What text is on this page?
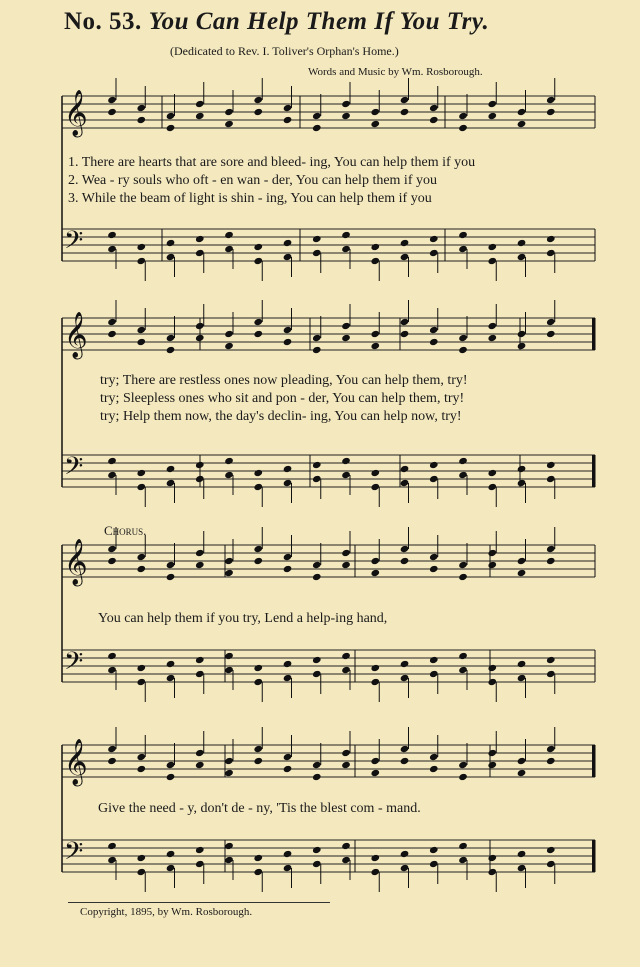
No. 53. You Can Help Them If You Try.
(Dedicated to Rev. I. Toliver's Orphan's Home.)
Words and Music by Wm. Rosborough.
𝄞
𝄢
𝄞
𝄢
𝄞
𝄢
𝄞
𝄢
1. There are hearts that are sore and bleed- ing, You can help them if you
2. Wea - ry souls who oft - en wan - der, You can help them if you
3. While the beam of light is shin - ing, You can help them if you
try; There are restless ones now pleading, You can help them, try!
try; Sleepless ones who sit and pon - der, You can help them, try!
try; Help them now, the day's declin- ing, You can help now, try!
Chorus.
You can help them if you try, Lend a help-ing hand,
Give the need - y, don't de - ny, 'Tis the blest com - mand.
Copyright, 1895, by Wm. Rosborough.
